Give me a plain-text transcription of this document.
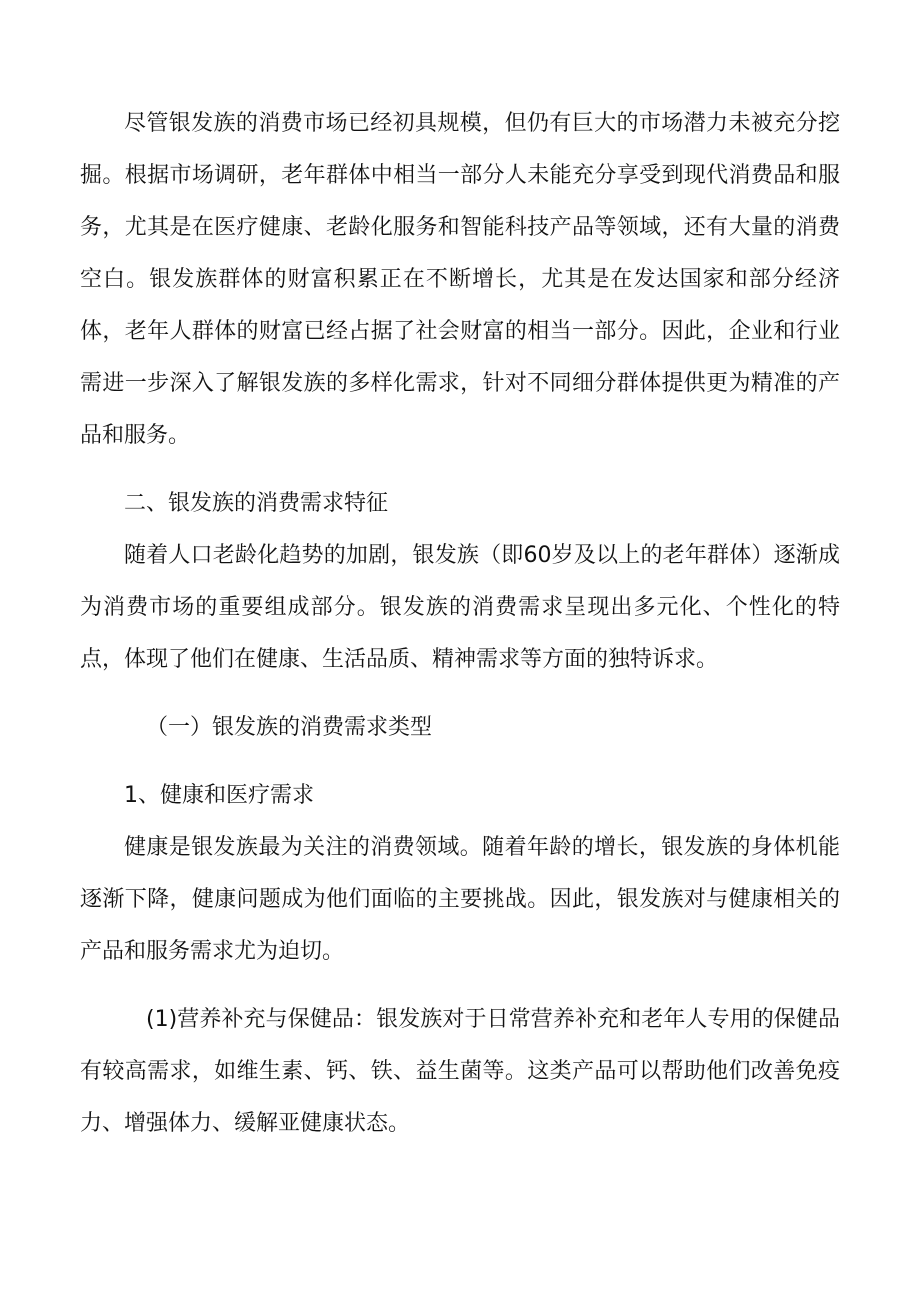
尽管银发族的消费市场已经初具规模，但仍有巨大的市场潜力未被充分挖掘。根据市场调研，老年群体中相当一部分人未能充分享受到现代消费品和服务，尤其是在医疗健康、老龄化服务和智能科技产品等领域，还有大量的消费空白。银发族群体的财富积累正在不断增长，尤其是在发达国家和部分经济体，老年人群体的财富已经占据了社会财富的相当一部分。因此，企业和行业需进一步深入了解银发族的多样化需求，针对不同细分群体提供更为精准的产品和服务。

二、银发族的消费需求特征

随着人口老龄化趋势的加剧，银发族（即60岁及以上的老年群体）逐渐成为消费市场的重要组成部分。银发族的消费需求呈现出多元化、个性化的特点，体现了他们在健康、生活品质、精神需求等方面的独特诉求。

（一）银发族的消费需求类型

1、健康和医疗需求

健康是银发族最为关注的消费领域。随着年龄的增长，银发族的身体机能逐渐下降，健康问题成为他们面临的主要挑战。因此，银发族对与健康相关的产品和服务需求尤为迫切。

(1)营养补充与保健品：银发族对于日常营养补充和老年人专用的保健品有较高需求，如维生素、钙、铁、益生菌等。这类产品可以帮助他们改善免疫力、增强体力、缓解亚健康状态。
